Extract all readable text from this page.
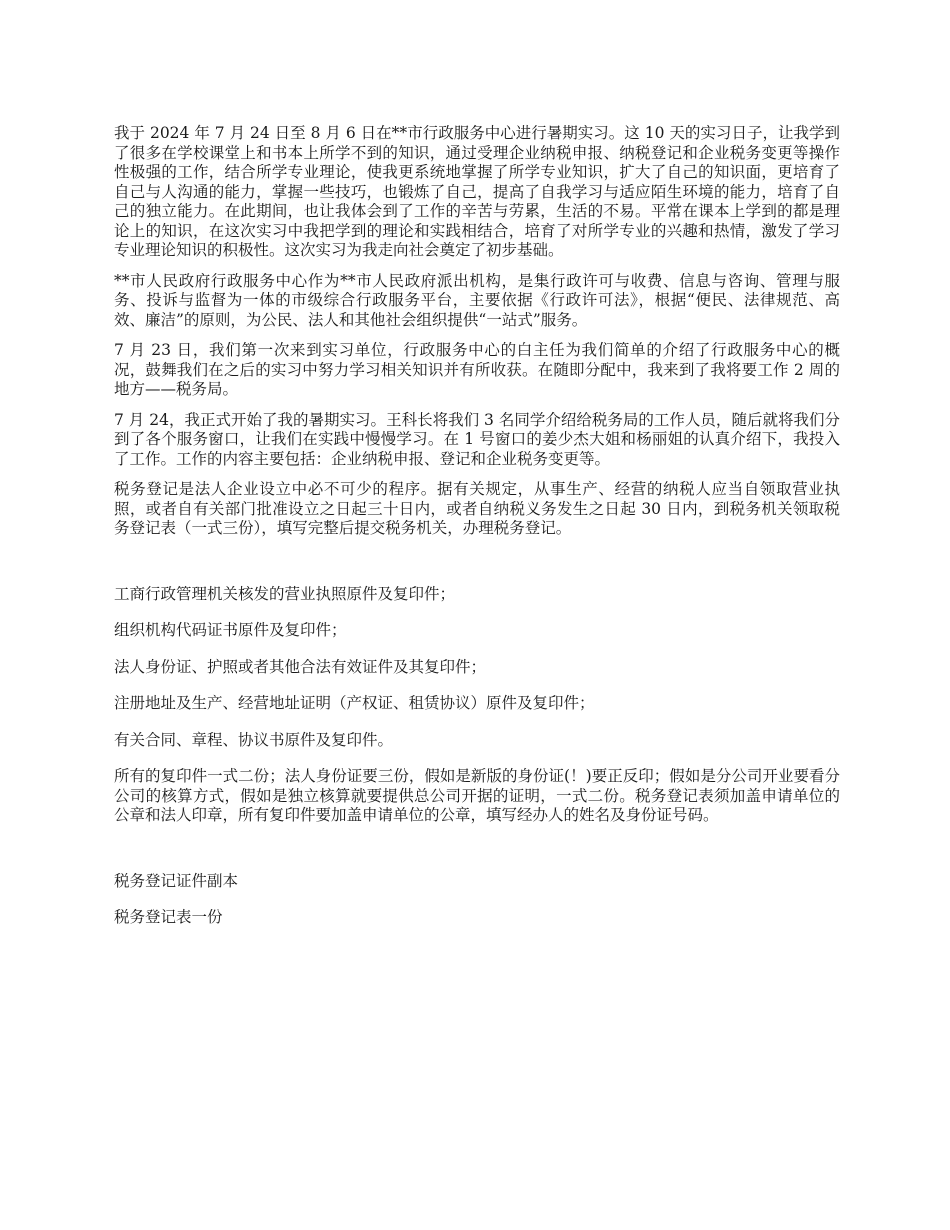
我于 2024 年 7 月 24 日至 8 月 6 日在**市行政服务中心进行暑期实习。这 10 天的实习日子，让我学到了很多在学校课堂上和书本上所学不到的知识，通过受理企业纳税申报、纳税登记和企业税务变更等操作性极强的工作，结合所学专业理论，使我更系统地掌握了所学专业知识，扩大了自己的知识面，更培育了自己与人沟通的能力，掌握一些技巧，也锻炼了自己，提高了自我学习与适应陌生环境的能力，培育了自己的独立能力。在此期间，也让我体会到了工作的辛苦与劳累，生活的不易。平常在课本上学到的都是理论上的知识，在这次实习中我把学到的理论和实践相结合，培育了对所学专业的兴趣和热情，激发了学习专业理论知识的积极性。这次实习为我走向社会奠定了初步基础。

**市人民政府行政服务中心作为**市人民政府派出机构，是集行政许可与收费、信息与咨询、管理与服务、投诉与监督为一体的市级综合行政服务平台，主要依据《行政许可法》，根据“便民、法律规范、高效、廉洁”的原则，为公民、法人和其他社会组织提供“一站式”服务。

7 月 23 日，我们第一次来到实习单位，行政服务中心的白主任为我们简单的介绍了行政服务中心的概况，鼓舞我们在之后的实习中努力学习相关知识并有所收获。在随即分配中，我来到了我将要工作 2 周的地方——税务局。

7 月 24，我正式开始了我的暑期实习。王科长将我们 3 名同学介绍给税务局的工作人员，随后就将我们分到了各个服务窗口，让我们在实践中慢慢学习。在 1 号窗口的姜少杰大姐和杨丽姐的认真介绍下，我投入了工作。工作的内容主要包括：企业纳税申报、登记和企业税务变更等。

税务登记是法人企业设立中必不可少的程序。据有关规定，从事生产、经营的纳税人应当自领取营业执照，或者自有关部门批准设立之日起三十日内，或者自纳税义务发生之日起 30 日内，到税务机关领取税务登记表（一式三份），填写完整后提交税务机关，办理税务登记。

工商行政管理机关核发的营业执照原件及复印件；

组织机构代码证书原件及复印件；

法人身份证、护照或者其他合法有效证件及其复印件；

注册地址及生产、经营地址证明（产权证、租赁协议）原件及复印件；

有关合同、章程、协议书原件及复印件。

所有的复印件一式二份；法人身份证要三份，假如是新版的身份证(！)要正反印；假如是分公司开业要看分公司的核算方式，假如是独立核算就要提供总公司开据的证明，一式二份。税务登记表须加盖申请单位的公章和法人印章，所有复印件要加盖申请单位的公章，填写经办人的姓名及身份证号码。

税务登记证件副本

税务登记表一份
